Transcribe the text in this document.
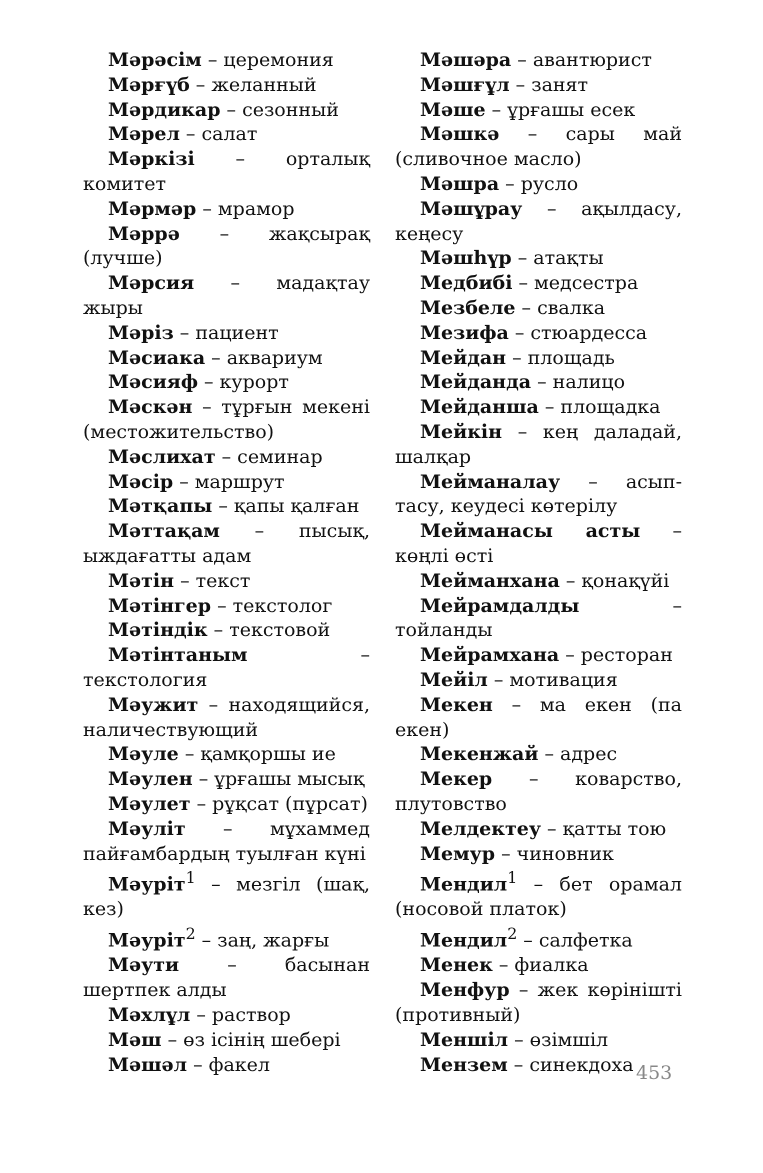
Мәрәсім – церемония
Мәрғүб – желанный
Мәрдикар – сезонный
Мәрел – салат
Мәркізі – орталық комитет
Мәрмәр – мрамор
Мәррә – жақсырақ (лучше)
Мәрсия – мадақтау жыры
Мәріз – пациент
Мәсиака – аквариум
Мәсияф – курорт
Мәскән – тұрғын мекені (местожительство)
Мәслихат – семинар
Мәсір – маршрут
Мәтқапы – қапы қалған
Мәттақам – пысық, ыждағатты адам
Мәтін – текст
Мәтінгер – текстолог
Мәтіндік – текстовой
Мәтінтаным – текстология
Мәужит – находящийся, наличествующий
Мәуле – қамқоршы ие
Мәулен – ұрғашы мысық
Мәулет – рұқсат (пұрсат)
Мәуліт – мұхаммед пайғамбардың туылған күні
Мәуріт$^1$ – мезгіл (шақ, кез)
Мәуріт$^2$ – заң, жарғы
Мәути – басынан шертпек алды
Мәхлұл – раствор
Мәш – өз ісінің шебері
Мәшәл – факел
Мәшәра – авантюрист
Мәшғұл – занят
Мәше – ұрғашы есек
Мәшкә – сары май (сливочное масло)
Мәшра – русло
Мәшұрау – ақылдасу, кеңесу
Мәшһүр – атақты
Медбибі – медсестра
Мезбеле – свалка
Мезифа – стюардесса
Мейдан – площадь
Мейданда – налицо
Мейданша – площадка
Мейкін – кең даладай, шалқар
Мейманалау – асып-тасу, кеудесі көтерілу
Мейманасы асты – көңлі өсті
Мейманхана – қонақүйі
Мейрамдалды – тойланды
Мейрамхана – ресторан
Мейіл – мотивация
Мекен – ма екен (па екен)
Мекенжай – адрес
Мекер – коварство, плутовство
Мелдектеу – қатты тою
Мемур – чиновник
Мендил$^1$ – бет орамал (носовой платок)
Мендил$^2$ – салфетка
Менек – фиалка
Менфур – жек көрінішті (противный)
Меншіл – өзімшіл
Мензем – синекдоха 453
